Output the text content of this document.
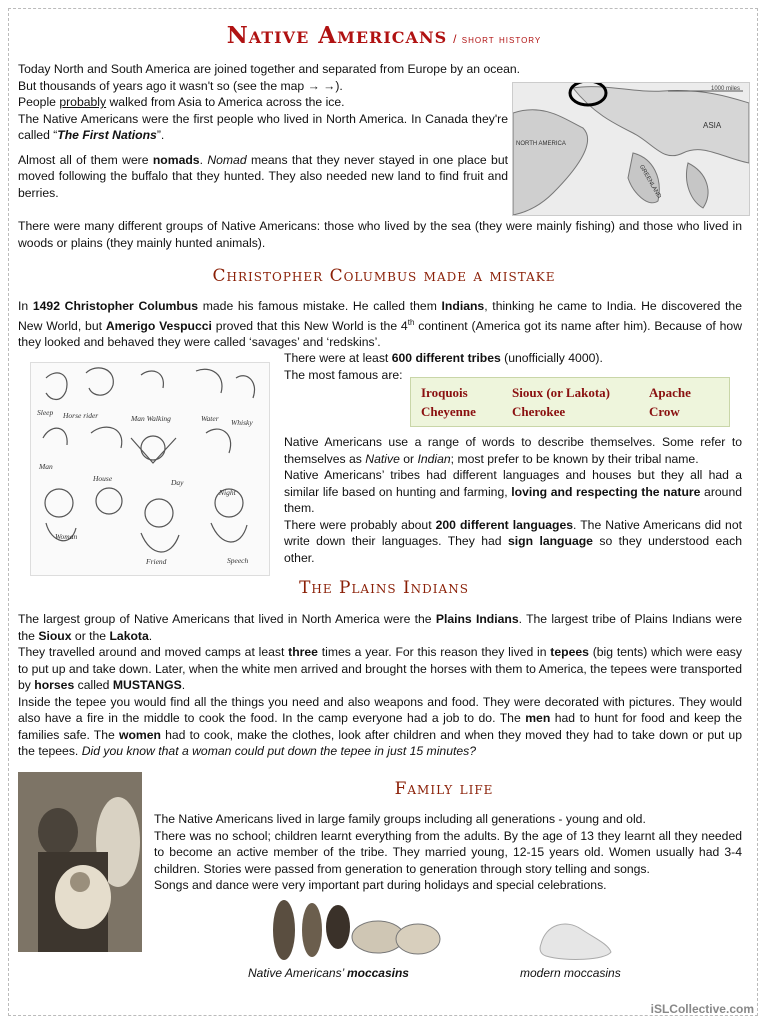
Native Americans / short history

Today North and South America are joined together and separated from Europe by an ocean.

But thousands of years ago it wasn't so (see the map → →).

People probably walked from Asia to America across the ice.

The Native Americans were the first people who lived in North America. In Canada they're called “The First Nations”.

Almost all of them were nomads. Nomad means that they never stayed in one place but moved following the buffalo that they hunted. They also needed new land to find fruit and berries.

There were many different groups of Native Americans: those who lived by the sea (they were mainly fishing) and those who lived in woods or plains (they mainly hunted animals).

1000 miles
ASIA
NORTH AMERICA
GREENLAND
Christopher Columbus made a mistake

In 1492 Christopher Columbus made his famous mistake. He called them Indians, thinking he came to India. He discovered the New World, but Amerigo Vespucci proved that this New World is the 4th continent (America got its name after him). Because of how they looked and behaved they were called ‘savages’ and ‘redskins’.

There were at least 600 different tribes (unofficially 4000).

The most famous are:

Iroquois	Sioux (or Lakota)	Apache
Cheyenne	Cherokee	Crow
Sleep Horse rider	Man Walking	Water Whisky
Man
House	Day
Night
Woman
Friend	Speech

Native Americans use a range of words to describe themselves. Some refer to themselves as Native or Indian; most prefer to be known by their tribal name.

Native Americans’ tribes had different languages and houses but they all had a similar life based on hunting and farming, loving and respecting the nature around them.

There were probably about 200 different languages. The Native Americans did not write down their languages. They had sign language so they understood each other.

The Plains Indians

The largest group of Native Americans that lived in North America were the Plains Indians. The largest tribe of Plains Indians were the Sioux or the Lakota.

They travelled around and moved camps at least three times a year. For this reason they lived in tepees (big tents) which were easy to put up and take down. Later, when the white men arrived and brought the horses with them to America, the tepees were transported by horses called MUSTANGS.

Inside the tepee you would find all the things you need and also weapons and food. They were decorated with pictures. They would also have a fire in the middle to cook the food. In the camp everyone had a job to do. The men had to hunt for food and keep the families safe. The women had to cook, make the clothes, look after children and when they moved they had to take down or put up the tepees. Did you know that a woman could put down the tepee in just 15 minutes?

Family life

The Native Americans lived in large family groups including all generations - young and old.

There was no school; children learnt everything from the adults. By the age of 13 they learnt all they needed to become an active member of the tribe. They married young, 12-15 years old. Women usually had 3-4 children. Stories were passed from generation to generation through story telling and songs.

Songs and dance were very important part during holidays and special celebrations.

Native Americans’ moccasins	modern moccasins
iSLCollective.com
